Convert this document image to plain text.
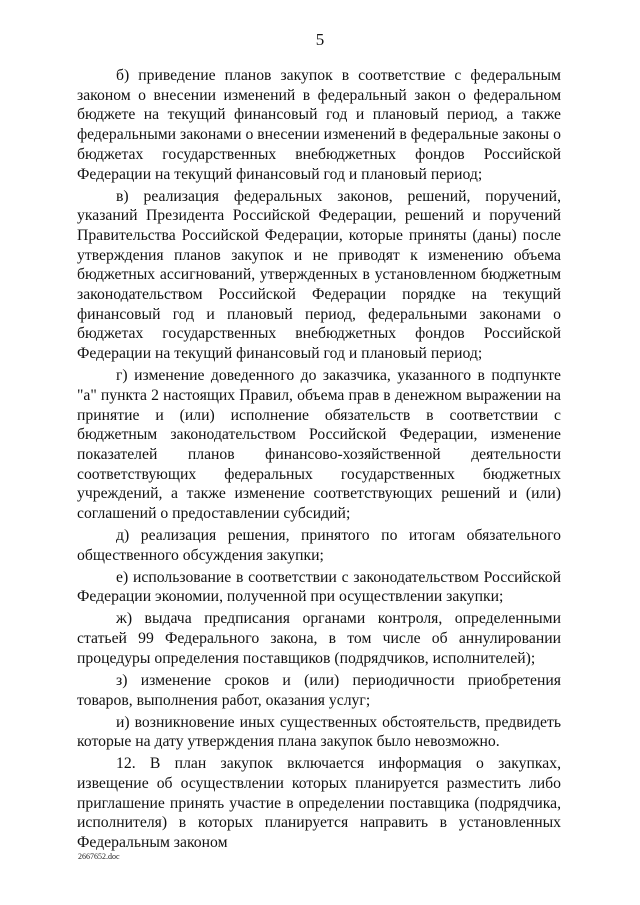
5

б) приведение планов закупок в соответствие с федеральным законом о внесении изменений в федеральный закон о федеральном бюджете на текущий финансовый год и плановый период, а также федеральными законами о внесении изменений в федеральные законы о бюджетах государственных внебюджетных фондов Российской Федерации на текущий финансовый год и плановый период;

в) реализация федеральных законов, решений, поручений, указаний Президента Российской Федерации, решений и поручений Правительства Российской Федерации, которые приняты (даны) после утверждения планов закупок и не приводят к изменению объема бюджетных ассигнований, утвержденных в установленном бюджетным законодательством Российской Федерации порядке на текущий финансовый год и плановый период, федеральными законами о бюджетах государственных внебюджетных фондов Российской Федерации на текущий финансовый год и плановый период;

г) изменение доведенного до заказчика, указанного в подпункте "а" пункта 2 настоящих Правил, объема прав в денежном выражении на принятие и (или) исполнение обязательств в соответствии с бюджетным законодательством Российской Федерации, изменение показателей планов финансово-хозяйственной деятельности соответствующих федеральных государственных бюджетных учреждений, а также изменение соответствующих решений и (или) соглашений о предоставлении субсидий;

д) реализация решения, принятого по итогам обязательного общественного обсуждения закупки;

е) использование в соответствии с законодательством Российской Федерации экономии, полученной при осуществлении закупки;

ж) выдача предписания органами контроля, определенными статьей 99 Федерального закона, в том числе об аннулировании процедуры определения поставщиков (подрядчиков, исполнителей);

з) изменение сроков и (или) периодичности приобретения товаров, выполнения работ, оказания услуг;

и) возникновение иных существенных обстоятельств, предвидеть которые на дату утверждения плана закупок было невозможно.

12. В план закупок включается информация о закупках, извещение об осуществлении которых планируется разместить либо приглашение принять участие в определении поставщика (подрядчика, исполнителя) в которых планируется направить в установленных Федеральным законом

2667652.doc
